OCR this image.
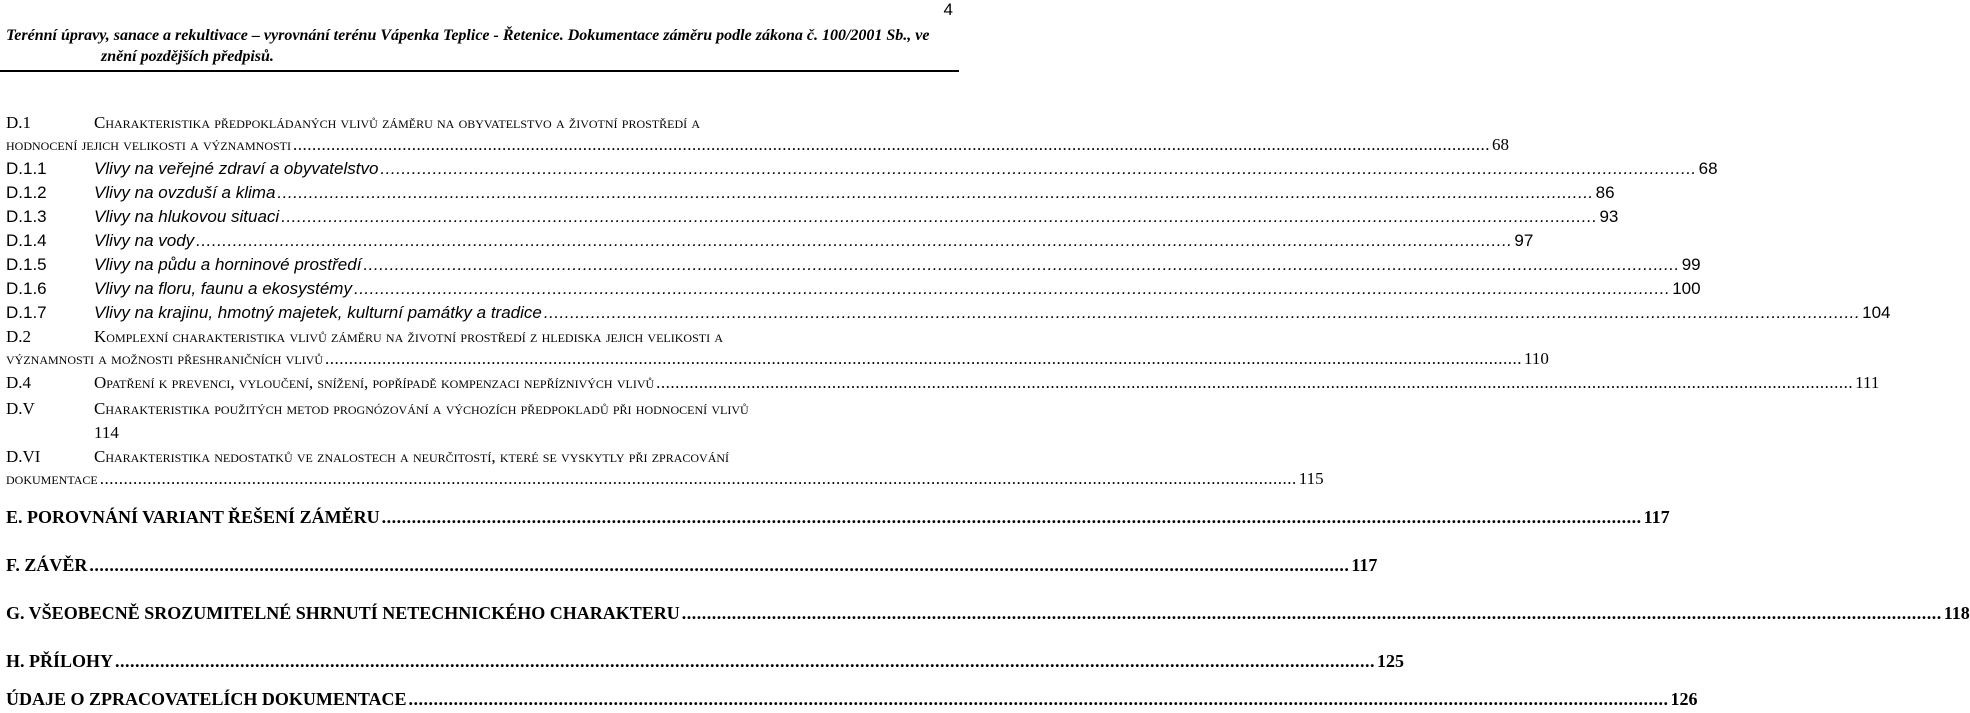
4
Terénní úpravy, sanace a rekultivace – vyrovnání terénu Vápenka Teplice - Řetenice. Dokumentace záměru podle zákona č. 100/2001 Sb., ve
znění pozdějších předpisů.
D.1	Charakteristika předpokládaných vlivů záměru na obyvatelstvo a životní prostředí a
hodnocení jejich velikosti a významnosti .....	68
D.1.1	Vlivy na veřejné zdraví a obyvatelstvo .....	68
D.1.2	Vlivy na ovzduší a klima .....	86
D.1.3	Vlivy na hlukovou situaci .....	93
D.1.4	Vlivy na vody .....	97
D.1.5	Vlivy na půdu a horninové prostředí .....	99
D.1.6	Vlivy na floru, faunu a ekosystémy .....	100
D.1.7	Vlivy na krajinu, hmotný majetek, kulturní památky a tradice .....	104
D.2	Komplexní charakteristika vlivů záměru na životní prostředí z hlediska jejich velikosti a
významnosti a možnosti přeshraničních vlivů .....	110
D.4	Opatření k prevenci, vyloučení, snížení, popřípadě kompenzaci nepříznivých vlivů .....	111
D.V	Charakteristika použitých metod prognózování a výchozích předpokladů při hodnocení vlivů
114
D.VI	Charakteristika nedostatků ve znalostech a neurčitostí, které se vyskytly při zpracování
dokumentace .....	115
E. POROVNÁNÍ VARIANT ŘEŠENÍ ZÁMĚRU .....	117
F. ZÁVĚR .....	117
G. VŠEOBECNĚ SROZUMITELNÉ SHRNUTÍ NETECHNICKÉHO CHARAKTERU .....	118
H. PŘÍLOHY .....	125
ÚDAJE O ZPRACOVATELÍCH DOKUMENTACE .....	126
